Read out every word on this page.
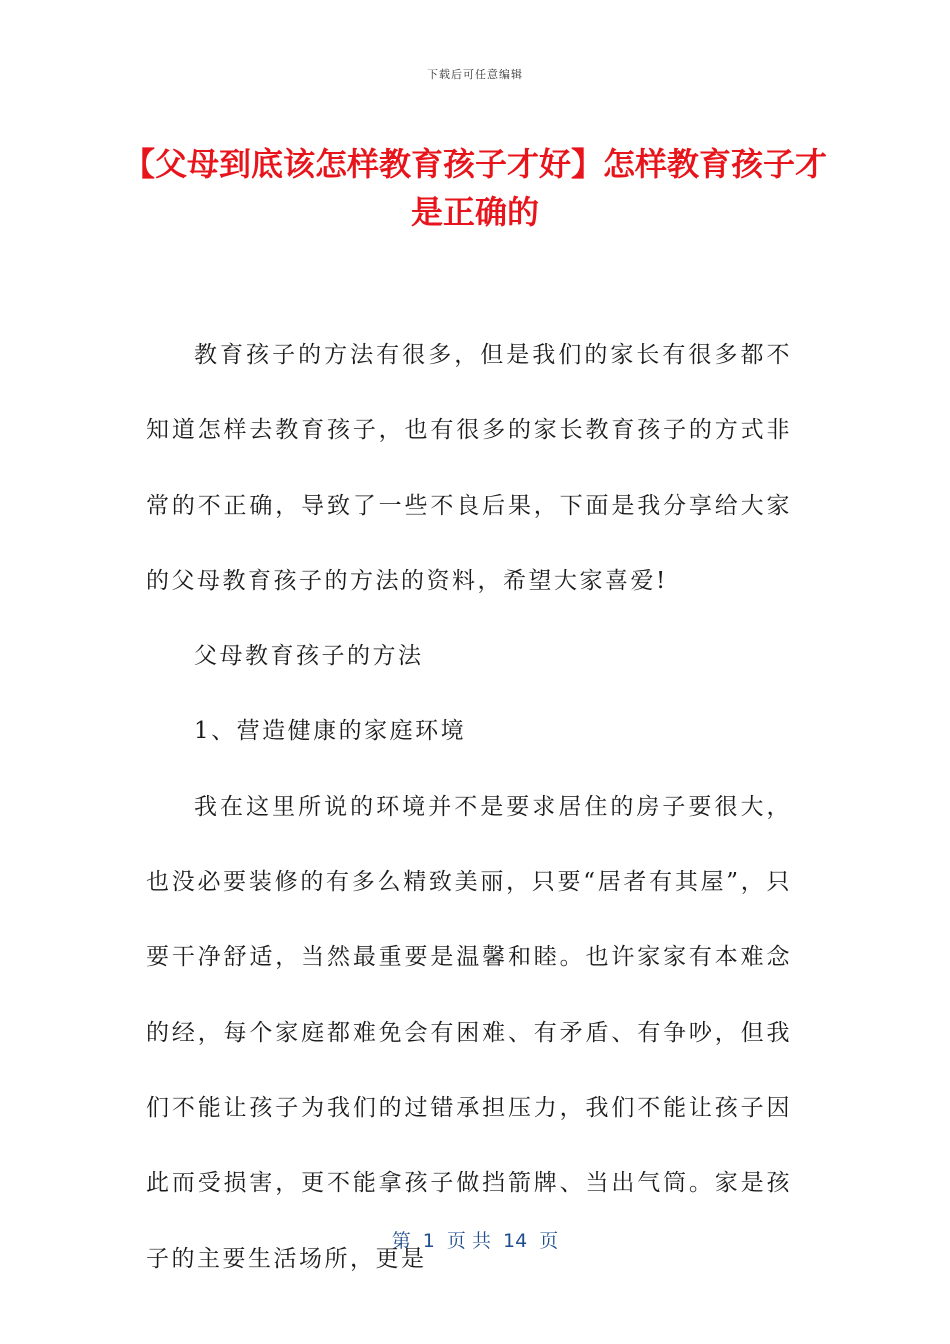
下载后可任意编辑
【父母到底该怎样教育孩子才好】怎样教育孩子才是正确的

教育孩子的方法有很多，但是我们的家长有很多都不知道怎样去教育孩子，也有很多的家长教育孩子的方式非常的不正确，导致了一些不良后果，下面是我分享给大家的父母教育孩子的方法的资料，希望大家喜爱!

父母教育孩子的方法

1、营造健康的家庭环境

我在这里所说的环境并不是要求居住的房子要很大，也没必要装修的有多么精致美丽，只要“居者有其屋”，只要干净舒适，当然最重要是温馨和睦。也许家家有本难念的经，每个家庭都难免会有困难、有矛盾、有争吵，但我们不能让孩子为我们的过错承担压力，我们不能让孩子因此而受损害，更不能拿孩子做挡箭牌、当出气筒。家是孩子的主要生活场所，更是

第  1  页 共  14  页
